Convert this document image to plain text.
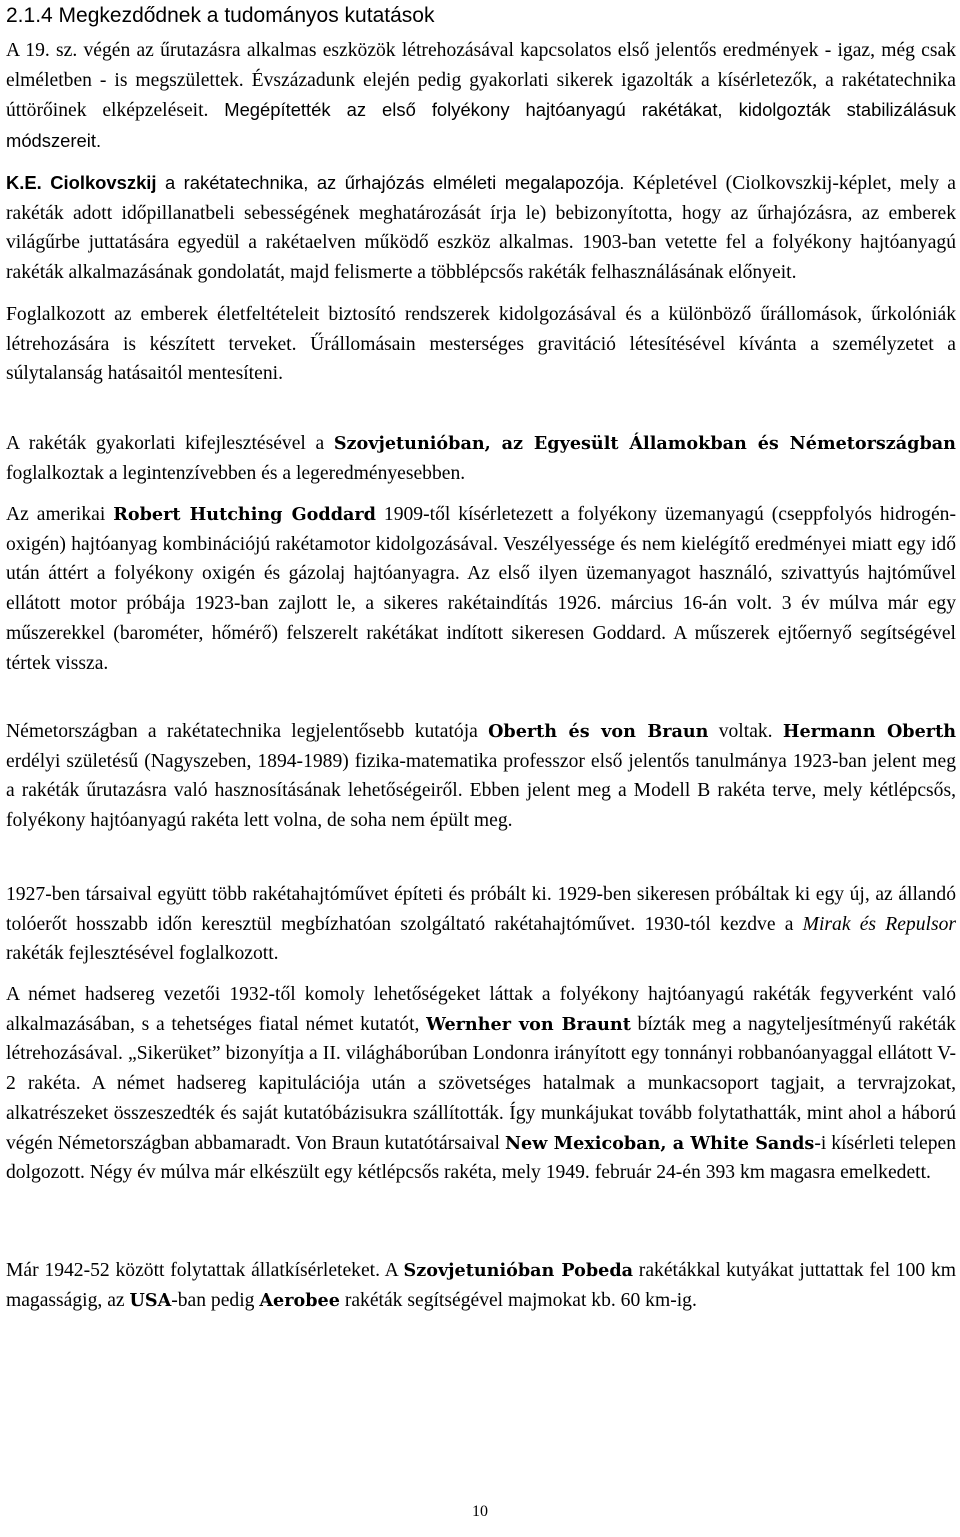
2.1.4 Megkezdődnek a tudományos kutatások

A 19. sz. végén az űrutazásra alkalmas eszközök létrehozásával kapcsolatos első jelentős eredmények - igaz, még csak elméletben - is megszülettek. Évszázadunk elején pedig gyakorlati sikerek igazolták a kísérletezők, a rakétatechnika úttörőinek elképzeléseit. Megépítették az első folyékony hajtóanyagú rakétákat, kidolgozták stabilizálásuk módszereit.

K.E. Ciolkovszkij a rakétatechnika, az űrhajózás elméleti megalapozója. Képletével (Ciolkovszkij-képlet, mely a rakéták adott időpillanatbeli sebességének meghatározását írja le) bebizonyította, hogy az űrhajózásra, az emberek világűrbe juttatására egyedül a rakétaelven működő eszköz alkalmas. 1903-ban vetette fel a folyékony hajtóanyagú rakéták alkalmazásának gondolatát, majd felismerte a többlépcsős rakéták felhasználásának előnyeit.

Foglalkozott az emberek életfeltételeit biztosító rendszerek kidolgozásával és a különböző űrállomások, űrkolóniák létrehozására is készített terveket. Űrállomásain mesterséges gravitáció létesítésével kívánta a személyzetet a súlytalanság hatásaitól mentesíteni.

A rakéták gyakorlati kifejlesztésével a Szovjetunióban, az Egyesült Államokban és Németországban foglalkoztak a legintenzívebben és a legeredményesebben.

Az amerikai Robert Hutching Goddard 1909-től kísérletezett a folyékony üzemanyagú (cseppfolyós hidrogén-oxigén) hajtóanyag kombinációjú rakétamotor kidolgozásával. Veszélyessége és nem kielégítő eredményei miatt egy idő után áttért a folyékony oxigén és gázolaj hajtóanyagra. Az első ilyen üzemanyagot használó, szivattyús hajtóművel ellátott motor próbája 1923-ban zajlott le, a sikeres rakétaindítás 1926. március 16-án volt. 3 év múlva már egy műszerekkel (barométer, hőmérő) felszerelt rakétákat indított sikeresen Goddard. A műszerek ejtőernyő segítségével tértek vissza.

Németországban a rakétatechnika legjelentősebb kutatója Oberth és von Braun voltak. Hermann Oberth erdélyi születésű (Nagyszeben, 1894-1989) fizika-matematika professzor első jelentős tanulmánya 1923-ban jelent meg a rakéták űrutazásra való hasznosításának lehetőségeiről. Ebben jelent meg a Modell B rakéta terve, mely kétlépcsős, folyékony hajtóanyagú rakéta lett volna, de soha nem épült meg.

1927-ben társaival együtt több rakétahajtóművet építeti és próbált ki. 1929-ben sikeresen próbáltak ki egy új, az állandó tolóerőt hosszabb időn keresztül megbízhatóan szolgáltató rakétahajtóművet. 1930-tól kezdve a Mirak és Repulsor rakéták fejlesztésével foglalkozott.

A német hadsereg vezetői 1932-től komoly lehetőségeket láttak a folyékony hajtóanyagú rakéták fegyverként való alkalmazásában, s a tehetséges fiatal német kutatót, Wernher von Braunt bízták meg a nagyteljesítményű rakéták létrehozásával. „Sikerüket” bizonyítja a II. világháborúban Londonra irányított egy tonnányi robbanóanyaggal ellátott V-2 rakéta. A német hadsereg kapitulációja után a szövetséges hatalmak a munkacsoport tagjait, a tervrajzokat, alkatrészeket összeszedték és saját kutatóbázisukra szállították. Így munkájukat tovább folytathatták, mint ahol a háború végén Németországban abbamaradt. Von Braun kutatótársaival New Mexicoban, a White Sands-i kísérleti telepen dolgozott. Négy év múlva már elkészült egy kétlépcsős rakéta, mely 1949. február 24-én 393 km magasra emelkedett.

Már 1942-52 között folytattak állatkísérleteket. A Szovjetunióban Pobeda rakétákkal kutyákat juttattak fel 100 km magasságig, az USA-ban pedig Aerobee rakéták segítségével majmokat kb. 60 km-ig.

10
